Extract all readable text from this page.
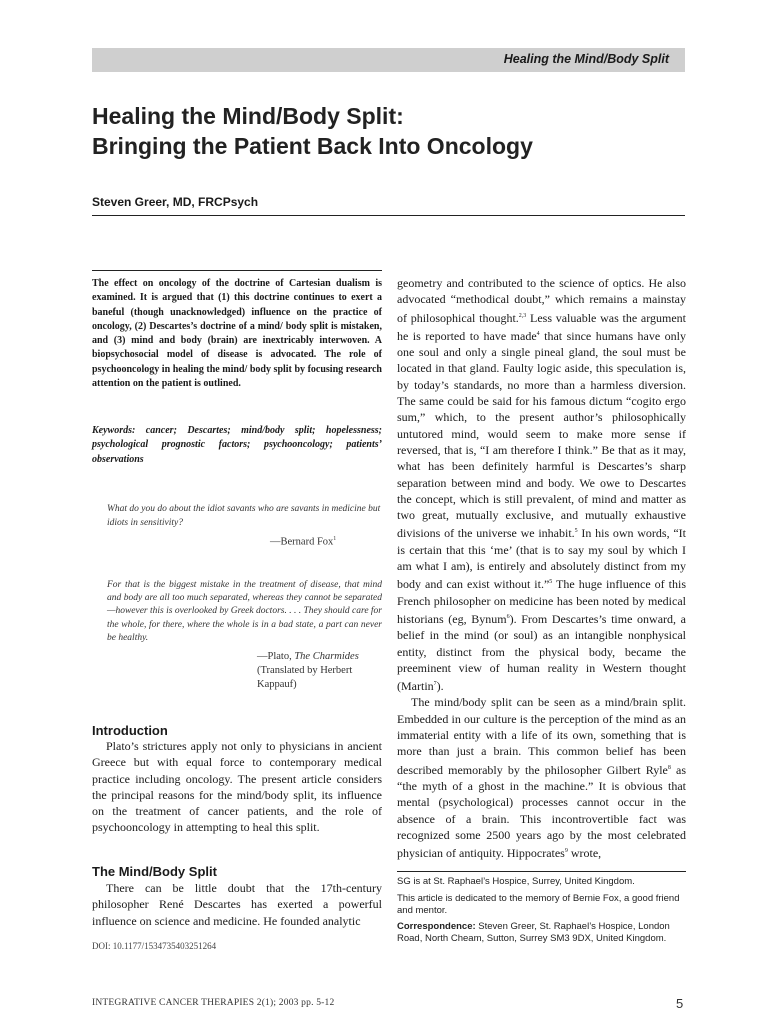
Healing the Mind/Body Split
Healing the Mind/Body Split:
Bringing the Patient Back Into Oncology
Steven Greer, MD, FRCPsych
The effect on oncology of the doctrine of Cartesian dualism is examined. It is argued that (1) this doctrine continues to exert a baneful (though unacknowledged) influence on the practice of oncology, (2) Descartes’s doctrine of a mind/ body split is mistaken, and (3) mind and body (brain) are inextricably interwoven. A biopsychosocial model of disease is advocated. The role of psychooncology in healing the mind/ body split by focusing research attention on the patient is outlined.
Keywords: cancer; Descartes; mind/body split; hopelessness; psychological prognostic factors; psychooncology; patients’ observations
What do you do about the idiot savants who are savants in medicine but idiots in sensitivity?
—Bernard Fox$^1$
For that is the biggest mistake in the treatment of disease, that mind and body are all too much separated, whereas they cannot be separated—however this is overlooked by Greek doctors. . . . They should care for the whole, for there, where the whole is in a bad state, a part can never be healthy.
—Plato, The Charmides
(Translated by Herbert Kappauf)
Introduction
Plato’s strictures apply not only to physicians in ancient Greece but with equal force to contemporary medical practice including oncology. The present article considers the principal reasons for the mind/body split, its influence on the treatment of cancer patients, and the role of psychooncology in attempting to heal this split.
The Mind/Body Split
There can be little doubt that the 17th-century philosopher René Descartes has exerted a powerful influence on science and medicine. He founded analytic
DOI: 10.1177/1534735403251264

geometry and contributed to the science of optics. He also advocated “methodical doubt,” which remains a mainstay of philosophical thought.$^{2,3}$ Less valuable was the argument he is reported to have made$^4$ that since humans have only one soul and only a single pineal gland, the soul must be located in that gland. Faulty logic aside, this speculation is, by today’s standards, no more than a harmless diversion. The same could be said for his famous dictum “cogito ergo sum,” which, to the present author’s philosophically untutored mind, would seem to make more sense if reversed, that is, “I am therefore I think.” Be that as it may, what has been definitely harmful is Descartes’s sharp separation between mind and body. We owe to Descartes the concept, which is still prevalent, of mind and matter as two great, mutually exclusive, and mutually exhaustive divisions of the universe we inhabit.$^5$ In his own words, “It is certain that this ‘me’ (that is to say my soul by which I am what I am), is entirely and absolutely distinct from my body and can exist without it.”$^5$ The huge influence of this French philosopher on medicine has been noted by medical historians (eg, Bynum$^6$). From Descartes’s time onward, a belief in the mind (or soul) as an intangible nonphysical entity, distinct from the physical body, became the preeminent view of human reality in Western thought (Martin$^7$).

The mind/body split can be seen as a mind/brain split. Embedded in our culture is the perception of the mind as an immaterial entity with a life of its own, something that is more than just a brain. This common belief has been described memorably by the philosopher Gilbert Ryle$^8$ as “the myth of a ghost in the machine.” It is obvious that mental (psychological) processes cannot occur in the absence of a brain. This incontrovertible fact was recognized some 2500 years ago by the most celebrated physician of antiquity. Hippocrates$^9$ wrote,

SG is at St. Raphael’s Hospice, Surrey, United Kingdom.
This article is dedicated to the memory of Bernie Fox, a good friend and mentor.
Correspondence: Steven Greer, St. Raphael’s Hospice, London Road, North Cheam, Sutton, Surrey SM3 9DX, United Kingdom.
INTEGRATIVE CANCER THERAPIES 2(1); 2003 pp. 5-12	5
